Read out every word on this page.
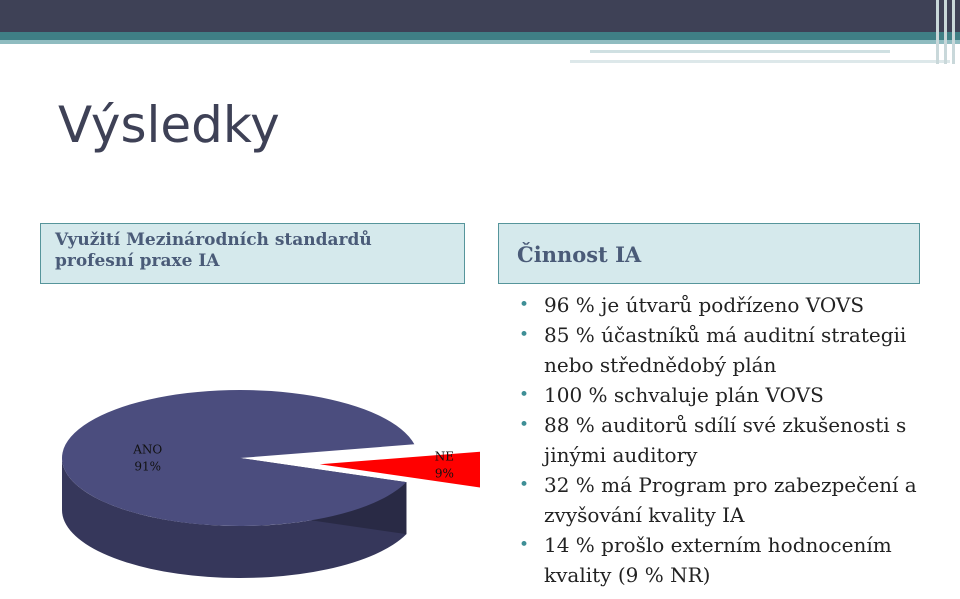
Výsledky
Využití Mezinárodních standardů
profesní praxe IA	Činnost IA
• 96 % je útvarů podřízeno VOVS
• 85 % účastníků má auditní strategii
nebo střednědobý plán
• 100 % schvaluje plán VOVS
• 88 % auditorů sdílí své zkušenosti s
jinými auditory
• 32 % má Program pro zabezpečení a
zvyšování kvality IA
• 14 % prošlo externím hodnocením
kvality (9 % NR)
ANO
91%
NE
9%
